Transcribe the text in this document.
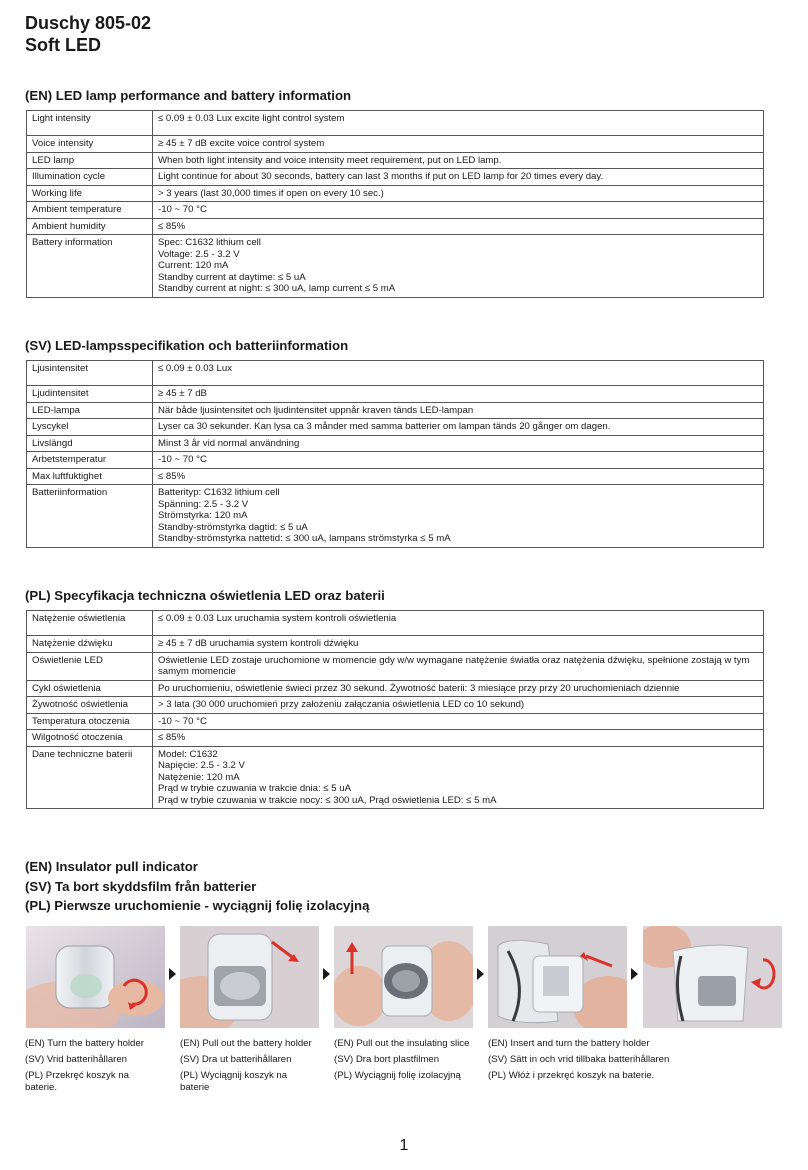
Duschy 805-02
Soft LED
(EN) LED lamp performance and battery information
Light intensity	≤ 0.09 ± 0.03 Lux excite light control system
Voice intensity	≥ 45 ± 7 dB excite voice control system
LED lamp	When both light intensity and voice intensity meet requirement, put on LED lamp.
Illumination cycle	Light continue for about 30 seconds, battery can last 3 months if put on LED lamp for 20 times every day.
Working life	> 3 years (last 30,000 times if open on every 10 sec.)
Ambient temperature	-10 ~ 70 °C
Ambient humidity	≤ 85%
Battery information	Spec: C1632 lithium cell
Voltage: 2.5 - 3.2 V
Current: 120 mA
Standby current at daytime: ≤ 5 uA
Standby current at night: ≤ 300 uA, lamp current ≤ 5 mA
(SV) LED-lampsspecifikation och batteriinformation
Ljusintensitet	≤ 0.09 ± 0.03 Lux
Ljudintensitet	≥ 45 ± 7 dB
LED-lampa	När både ljusintensitet och ljudintensitet uppnår kraven tänds LED-lampan
Lyscykel	Lyser ca 30 sekunder. Kan lysa ca 3 månder med samma batterier om lampan tänds 20 gånger om dagen.
Livslängd	Minst 3 år vid normal användning
Arbetstemperatur	-10 ~ 70 °C
Max luftfuktighet	≤ 85%
Batteriinformation	Batterityp: C1632 lithium cell
Spänning: 2.5 - 3.2 V
Strömstyrka: 120 mA
Standby-strömstyrka dagtid: ≤ 5 uA
Standby-strömstyrka nattetid: ≤ 300 uA, lampans strömstyrka ≤ 5 mA
(PL) Specyfikacja techniczna oświetlenia LED oraz baterii
Natężenie oświetlenia	≤ 0.09 ± 0.03 Lux uruchamia system kontroli oświetlenia
Natężenie dźwięku	≥ 45 ± 7 dB uruchamia system kontroli dźwięku
Oświetlenie LED	Oświetlenie LED zostaje uruchomione w momencie gdy w/w wymagane natężenie światła oraz natężenia dźwięku, spełnione zostają w tym samym momencie
Cykl oświetlenia	Po uruchomieniu, oświetlenie świeci przez 30 sekund. Żywotność baterii: 3 miesiące przy przy 20 uruchomieniach dziennie
Żywotność oświetlenia	> 3 lata (30 000 uruchomień przy założeniu załączania oświetlenia LED co 10 sekund)
Temperatura otoczenia	-10 ~ 70 °C
Wilgotność otoczenia	≤ 85%
Dane techniczne baterii	Model: C1632
Napięcie: 2.5 - 3.2 V
Natężenie: 120 mA
Prąd w trybie czuwania w trakcie dnia: ≤ 5 uA
Prąd w trybie czuwania w trakcie nocy: ≤ 300 uA, Prąd oświetlenia LED: ≤ 5 mA
(EN) Insulator pull indicator
(SV) Ta bort skyddsfilm från batterier
(PL) Pierwsze uruchomienie - wyciągnij folię izolacyjną
(EN) Turn the battery holder
(SV) Vrid batterihållaren
(PL) Przekręć koszyk na baterie.
(EN) Pull out the battery holder
(SV) Dra ut batterihållaren
(PL) Wyciągnij koszyk na baterie
(EN) Pull out the insulating slice
(SV) Dra bort plastfilmen
(PL) Wyciągnij folię izolacyjną
(EN) Insert and turn the battery holder
(SV) Sätt in och vrid tillbaka batterihållaren
(PL) Włóż i przekręć koszyk na baterie.
1
